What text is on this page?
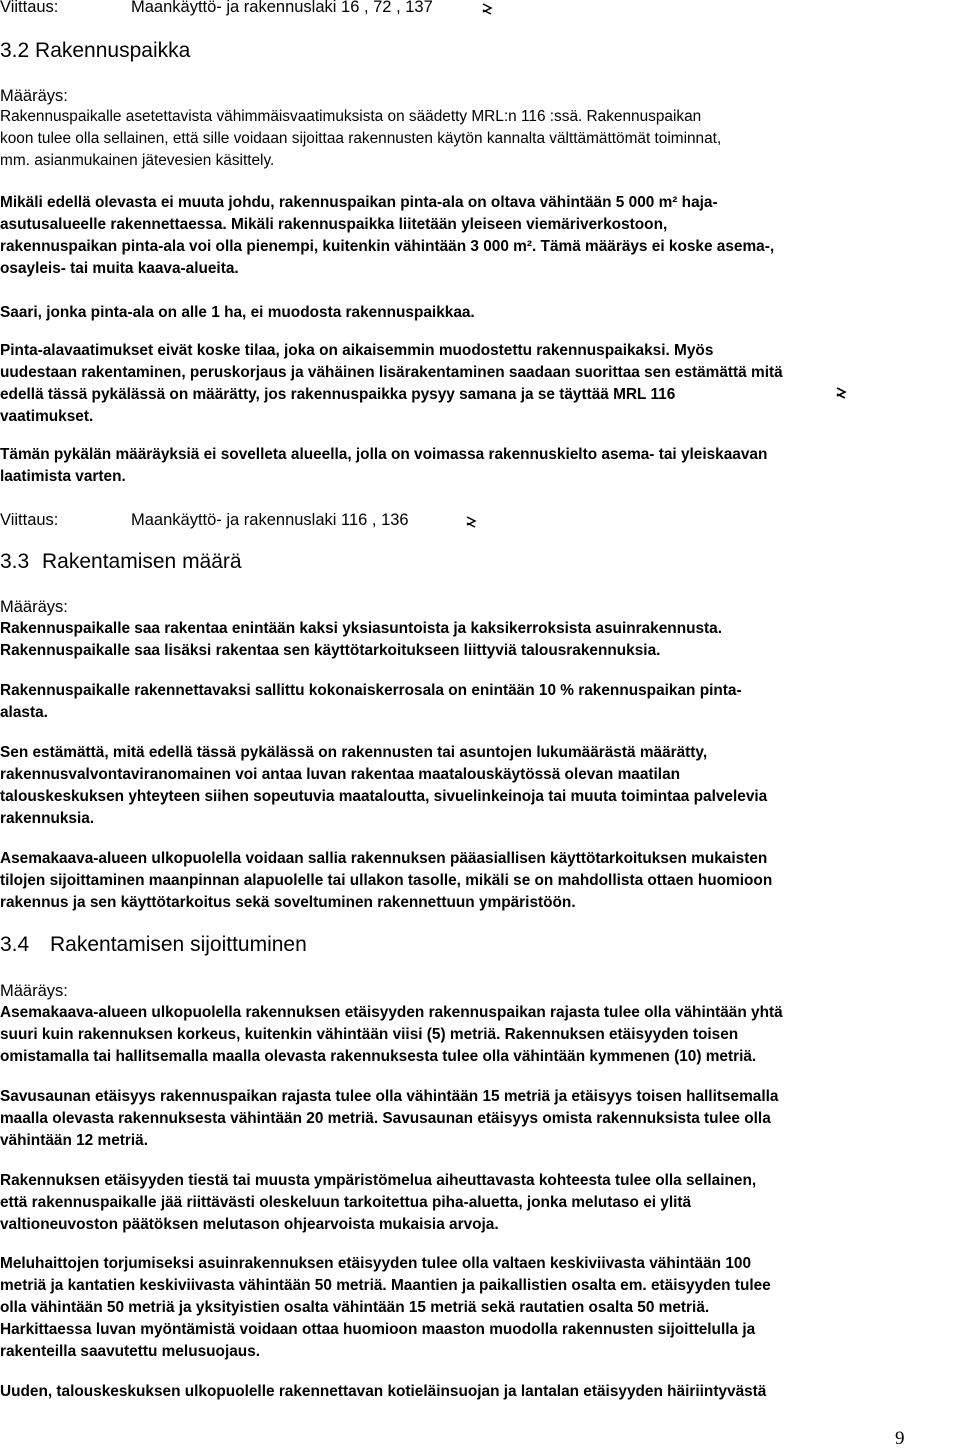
Viittaus:	Maankäyttö- ja rakennuslaki 16 , 72 , 137
3.2 Rakennuspaikka
Määräys:
Rakennuspaikalle asetettavista vähimmäisvaatimuksista on säädetty MRL:n 116 :ssä. Rakennuspaikan
koon tulee olla sellainen, että sille voidaan sijoittaa rakennusten käytön kannalta välttämättömät toiminnat,
mm. asianmukainen jätevesien käsittely.
Mikäli edellä olevasta ei muuta johdu, rakennuspaikan pinta-ala on oltava vähintään 5 000 m² haja-
asutusalueelle rakennettaessa. Mikäli rakennuspaikka liitetään yleiseen viemäriverkostoon,
rakennuspaikan pinta-ala voi olla pienempi, kuitenkin vähintään 3 000 m². Tämä määräys ei koske asema-,
osayleis- tai muita kaava-alueita.
Saari, jonka pinta-ala on alle 1 ha, ei muodosta rakennuspaikkaa.
Pinta-alavaatimukset eivät koske tilaa, joka on aikaisemmin muodostettu rakennuspaikaksi. Myös
uudestaan rakentaminen, peruskorjaus ja vähäinen lisärakentaminen saadaan suorittaa sen estämättä mitä
edellä tässä pykälässä on määrätty, jos rakennuspaikka pysyy samana ja se täyttää MRL 116
vaatimukset.
Tämän pykälän määräyksiä ei sovelleta alueella, jolla on voimassa rakennuskielto asema- tai yleiskaavan
laatimista varten.
Viittaus:	Maankäyttö- ja rakennuslaki 116 , 136
3.3 Rakentamisen määrä
Määräys:
Rakennuspaikalle saa rakentaa enintään kaksi yksiasuntoista ja kaksikerroksista asuinrakennusta.
Rakennuspaikalle saa lisäksi rakentaa sen käyttötarkoitukseen liittyviä talousrakennuksia.
Rakennuspaikalle rakennettavaksi sallittu kokonaiskerrosala on enintään 10 % rakennuspaikan pinta-
alasta.
Sen estämättä, mitä edellä tässä pykälässä on rakennusten tai asuntojen lukumäärästä määrätty,
rakennusvalvontaviranomainen voi antaa luvan rakentaa maatalouskäytössä olevan maatilan
talouskeskuksen yhteyteen siihen sopeutuvia maataloutta, sivuelinkeinoja tai muuta toimintaa palvelevia
rakennuksia.
Asemakaava-alueen ulkopuolella voidaan sallia rakennuksen pääasiallisen käyttötarkoituksen mukaisten
tilojen sijoittaminen maanpinnan alapuolelle tai ullakon tasolle, mikäli se on mahdollista ottaen huomioon
rakennus ja sen käyttötarkoitus sekä soveltuminen rakennettuun ympäristöön.
3.4 Rakentamisen sijoittuminen
Määräys:
Asemakaava-alueen ulkopuolella rakennuksen etäisyyden rakennuspaikan rajasta tulee olla vähintään yhtä
suuri kuin rakennuksen korkeus, kuitenkin vähintään viisi (5) metriä. Rakennuksen etäisyyden toisen
omistamalla tai hallitsemalla maalla olevasta rakennuksesta tulee olla vähintään kymmenen (10) metriä.
Savusaunan etäisyys rakennuspaikan rajasta tulee olla vähintään 15 metriä ja etäisyys toisen hallitsemalla
maalla olevasta rakennuksesta vähintään 20 metriä. Savusaunan etäisyys omista rakennuksista tulee olla
vähintään 12 metriä.
Rakennuksen etäisyyden tiestä tai muusta ympäristömelua aiheuttavasta kohteesta tulee olla sellainen,
että rakennuspaikalle jää riittävästi oleskeluun tarkoitettua piha-aluetta, jonka melutaso ei ylitä
valtioneuvoston päätöksen melutason ohjearvoista mukaisia arvoja.
Meluhaittojen torjumiseksi asuinrakennuksen etäisyyden tulee olla valtaen keskiviivasta vähintään 100
metriä ja kantatien keskiviivasta vähintään 50 metriä. Maantien ja paikallistien osalta em. etäisyyden tulee
olla vähintään 50 metriä ja yksityistien osalta vähintään 15 metriä sekä rautatien osalta 50 metriä.
Harkittaessa luvan myöntämistä voidaan ottaa huomioon maaston muodolla rakennusten sijoittelulla ja
rakenteilla saavutettu melusuojaus.
Uuden, talouskeskuksen ulkopuolelle rakennettavan kotieläinsuojan ja lantalan etäisyyden häiriintyvästä
9
